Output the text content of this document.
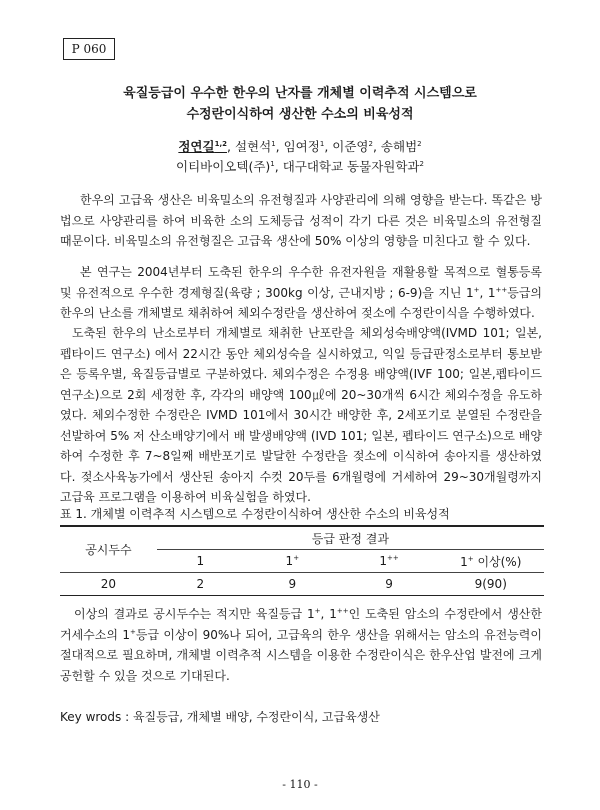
P 060
육질등급이 우수한 한우의 난자를 개체별 이력추적 시스템으로
수정란이식하여 생산한 수소의 비육성적
정연길$^{1,2}$, 설현석$^1$, 임여정$^1$, 이준영$^2$, 송해범$^2$
이티바이오텍(주)$^1$, 대구대학교 동물자원학과$^2$

한우의 고급육 생산은 비육밀소의 유전형질과 사양관리에 의해 영향을 받는다. 똑같은 방법으로 사양관리를 하여 비육한 소의 도체등급 성적이 각기 다른 것은 비육밀소의 유전형질 때문이다. 비육밀소의 유전형질은 고급육 생산에 50% 이상의 영향을 미친다고 할 수 있다.

본 연구는 2004년부터 도축된 한우의 우수한 유전자원을 재활용할 목적으로 혈통등록 및 유전적으로 우수한 경제형질(육량 ; 300kg 이상, 근내지방 ; 6-9)을 지닌 1+, 1++등급의 한우의 난소를 개체별로 채취하여 체외수정란을 생산하여 젖소에 수정란이식을 수행하였다.

도축된 한우의 난소로부터 개체별로 채취한 난포란을 체외성숙배양액(IVMD 101; 일본, 펩타이드 연구소) 에서 22시간 동안 체외성숙을 실시하였고, 익일 등급판정소로부터 통보받은 등록우별, 육질등급별로 구분하였다. 체외수정은 수정용 배양액(IVF 100; 일본,펩타이드 연구소)으로 2회 세정한 후, 각각의 배양액 100㎕에 20~30개씩 6시간 체외수정을 유도하였다. 체외수정한 수정란은 IVMD 101에서 30시간 배양한 후, 2세포기로 분열된 수정란을 선발하여 5% 저 산소배양기에서 배 발생배양액 (IVD 101; 일본, 펩타이드 연구소)으로 배양하여 수정한 후 7~8일째 배반포기로 발달한 수정란을 젖소에 이식하여 송아지를 생산하였다. 젖소사육농가에서 생산된 송아지 수컷 20두를 6개월령에 거세하여 29~30개월령까지 고급육 프로그램을 이용하여 비육실험을 하였다.

표 1. 개체별 이력추적 시스템으로 수정란이식하여 생산한 수소의 비육성적
공시두수	등급 판정 결과			
	1	1+	1++	1+ 이상(%)
20	2	9	9	9(90)

이상의 결과로 공시두수는 적지만 육질등급 1+, 1++인 도축된 암소의 수정란에서 생산한 거세수소의 1+등급 이상이 90%나 되어, 고급육의 한우 생산을 위해서는 암소의 유전능력이 절대적으로 필요하며, 개체별 이력추적 시스템을 이용한 수정란이식은 한우산업 발전에 크게 공헌할 수 있을 것으로 기대된다.

Key wrods : 육질등급, 개체별 배양, 수정란이식, 고급육생산
- 110 -
